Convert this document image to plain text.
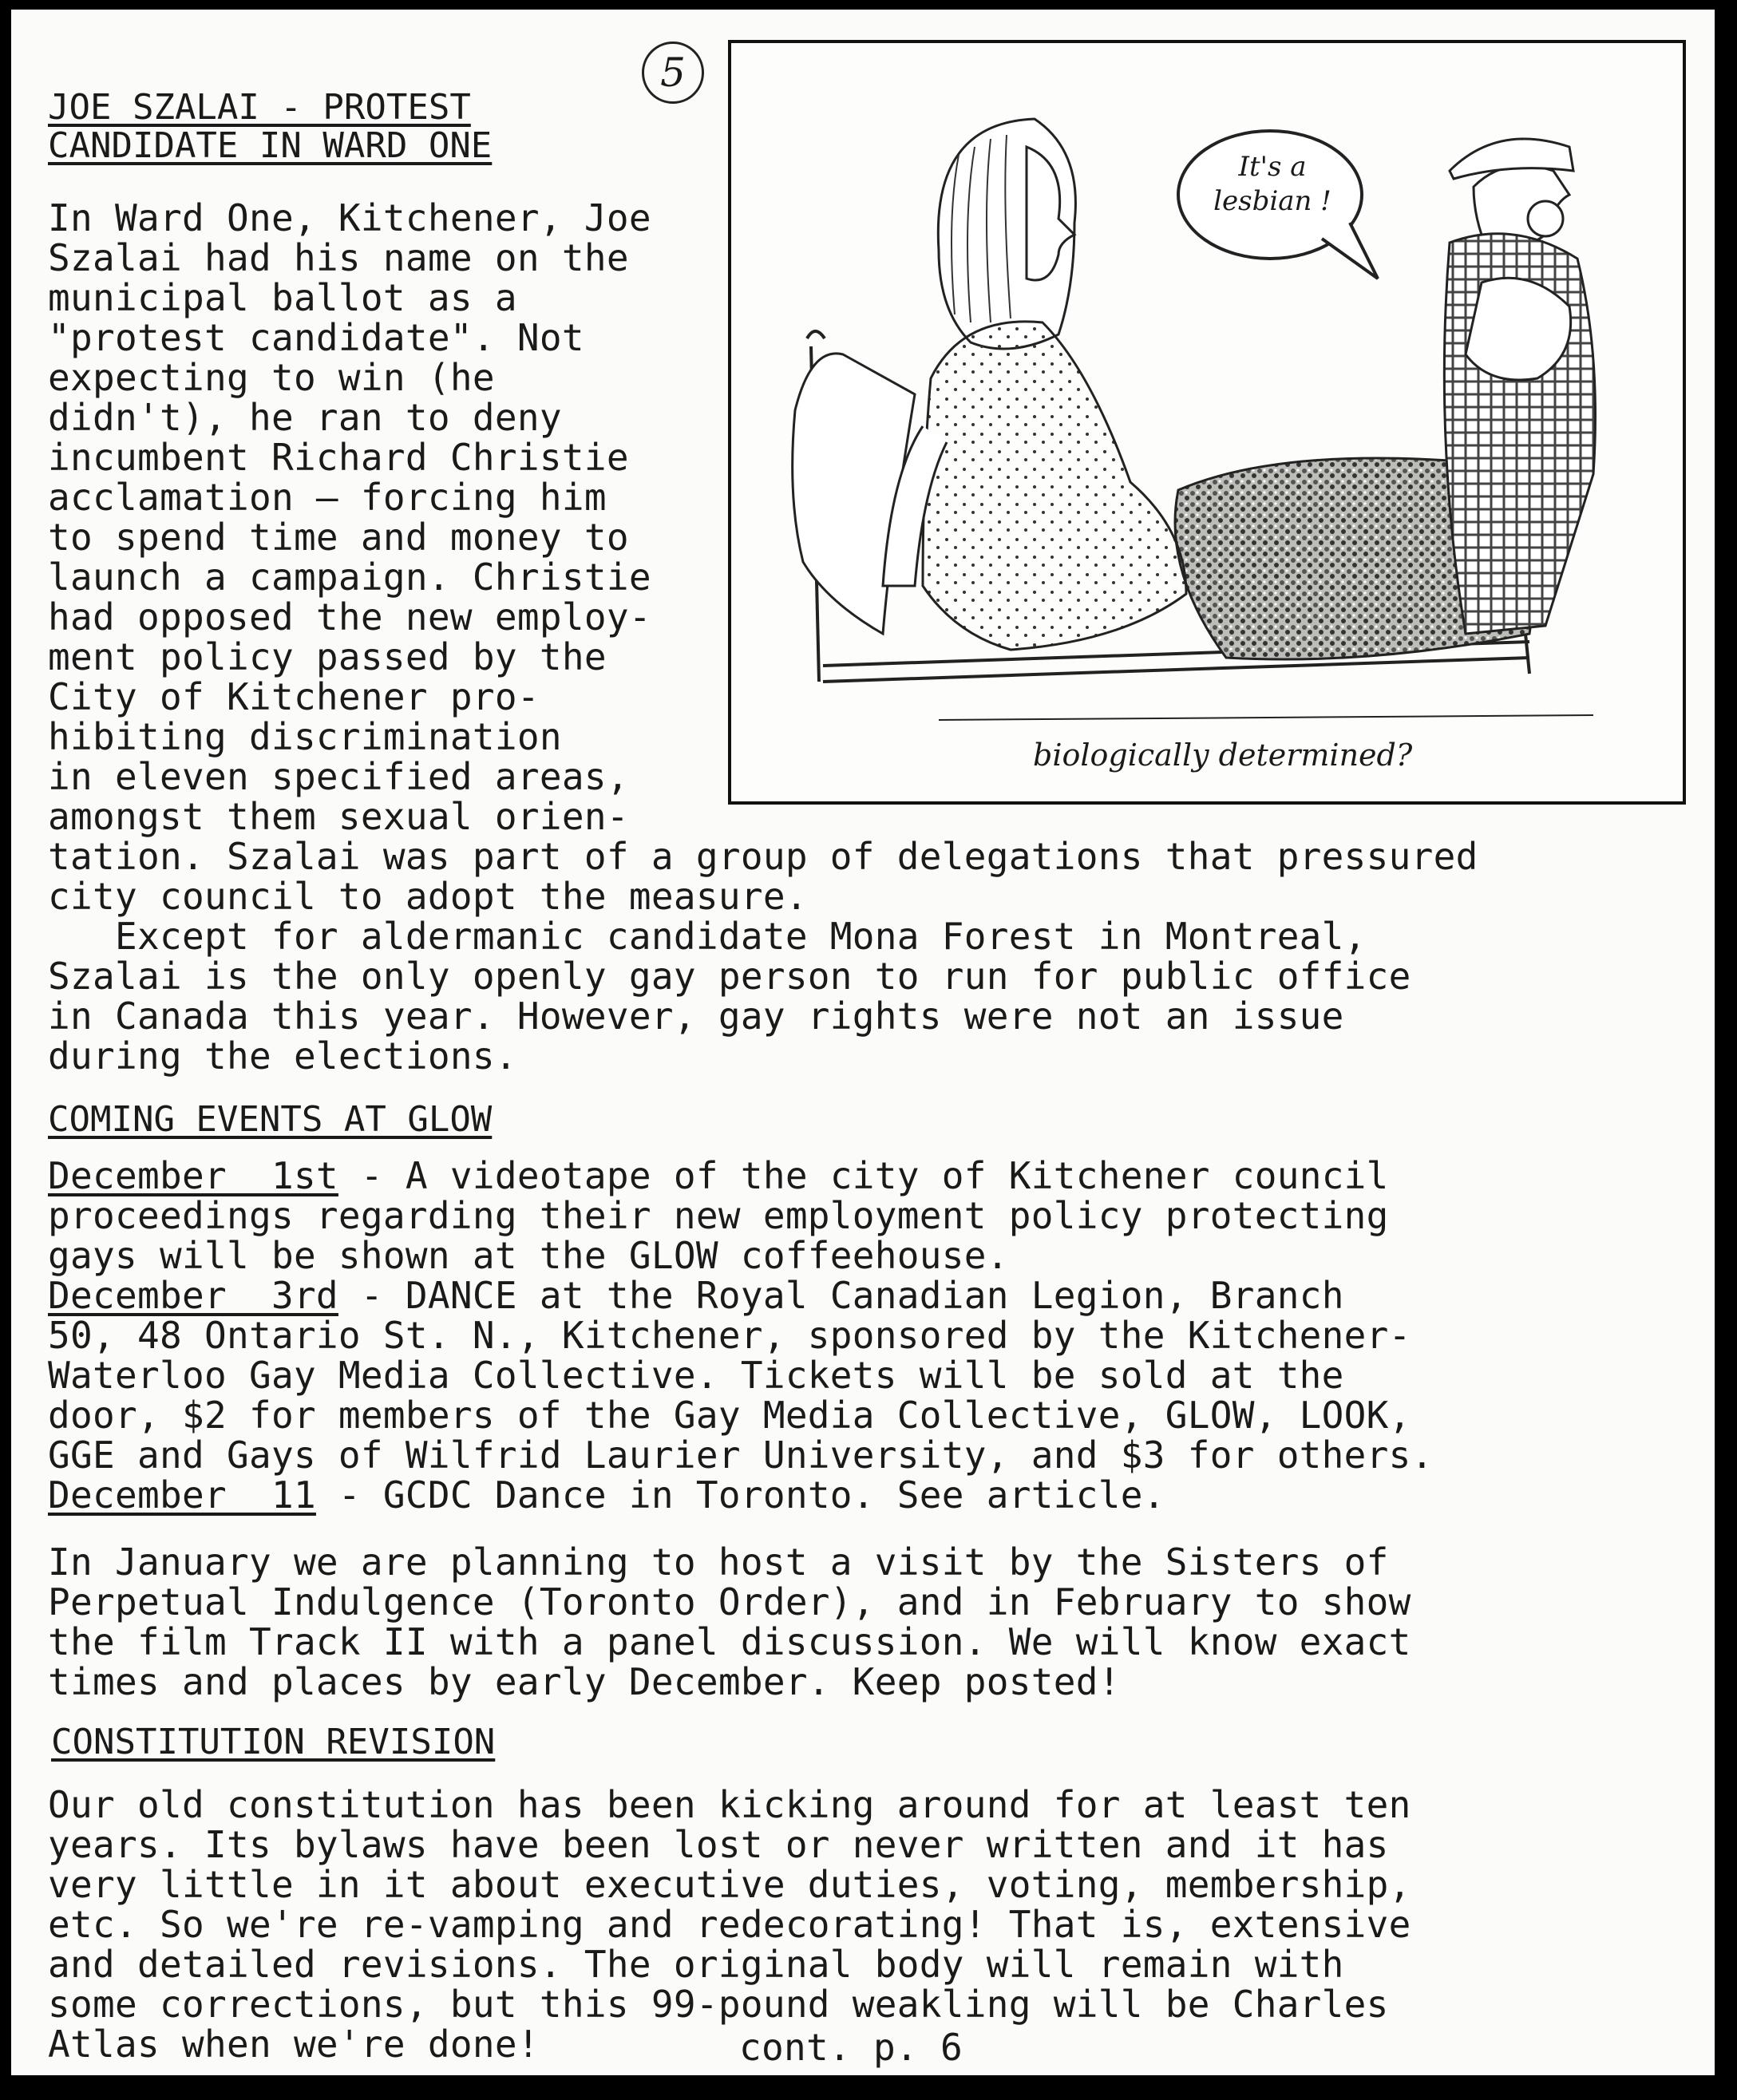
5
JOE SZALAI - PROTEST
CANDIDATE IN WARD ONE
In Ward One, Kitchener, Joe
Szalai had his name on the
municipal ballot as a
"protest candidate". Not
expecting to win (he
didn't), he ran to deny
incumbent Richard Christie
acclamation — forcing him
to spend time and money to
launch a campaign. Christie
had opposed the new employ-
ment policy passed by the
City of Kitchener pro-
hibiting discrimination
in eleven specified areas,
amongst them sexual orien-
tation. Szalai was part of a group of delegations that pressured
city council to adopt the measure.
Except for aldermanic candidate Mona Forest in Montreal,
Szalai is the only openly gay person to run for public office
in Canada this year. However, gay rights were not an issue
during the elections.
It's a
lesbian !
biologically determined?
COMING EVENTS AT GLOW
December  1st - A videotape of the city of Kitchener council
proceedings regarding their new employment policy protecting
gays will be shown at the GLOW coffeehouse.
December  3rd - DANCE at the Royal Canadian Legion, Branch
50, 48 Ontario St. N., Kitchener, sponsored by the Kitchener-
Waterloo Gay Media Collective. Tickets will be sold at the
door, $2 for members of the Gay Media Collective, GLOW, LOOK,
GGE and Gays of Wilfrid Laurier University, and $3 for others.
December  11 - GCDC Dance in Toronto. See article.
In January we are planning to host a visit by the Sisters of
Perpetual Indulgence (Toronto Order), and in February to show
the film Track II with a panel discussion. We will know exact
times and places by early December. Keep posted!
CONSTITUTION REVISION
Our old constitution has been kicking around for at least ten
years. Its bylaws have been lost or never written and it has
very little in it about executive duties, voting, membership,
etc. So we're re-vamping and redecorating! That is, extensive
and detailed revisions. The original body will remain with
some corrections, but this 99-pound weakling will be Charles
Atlas when we're done!	cont. p. 6
